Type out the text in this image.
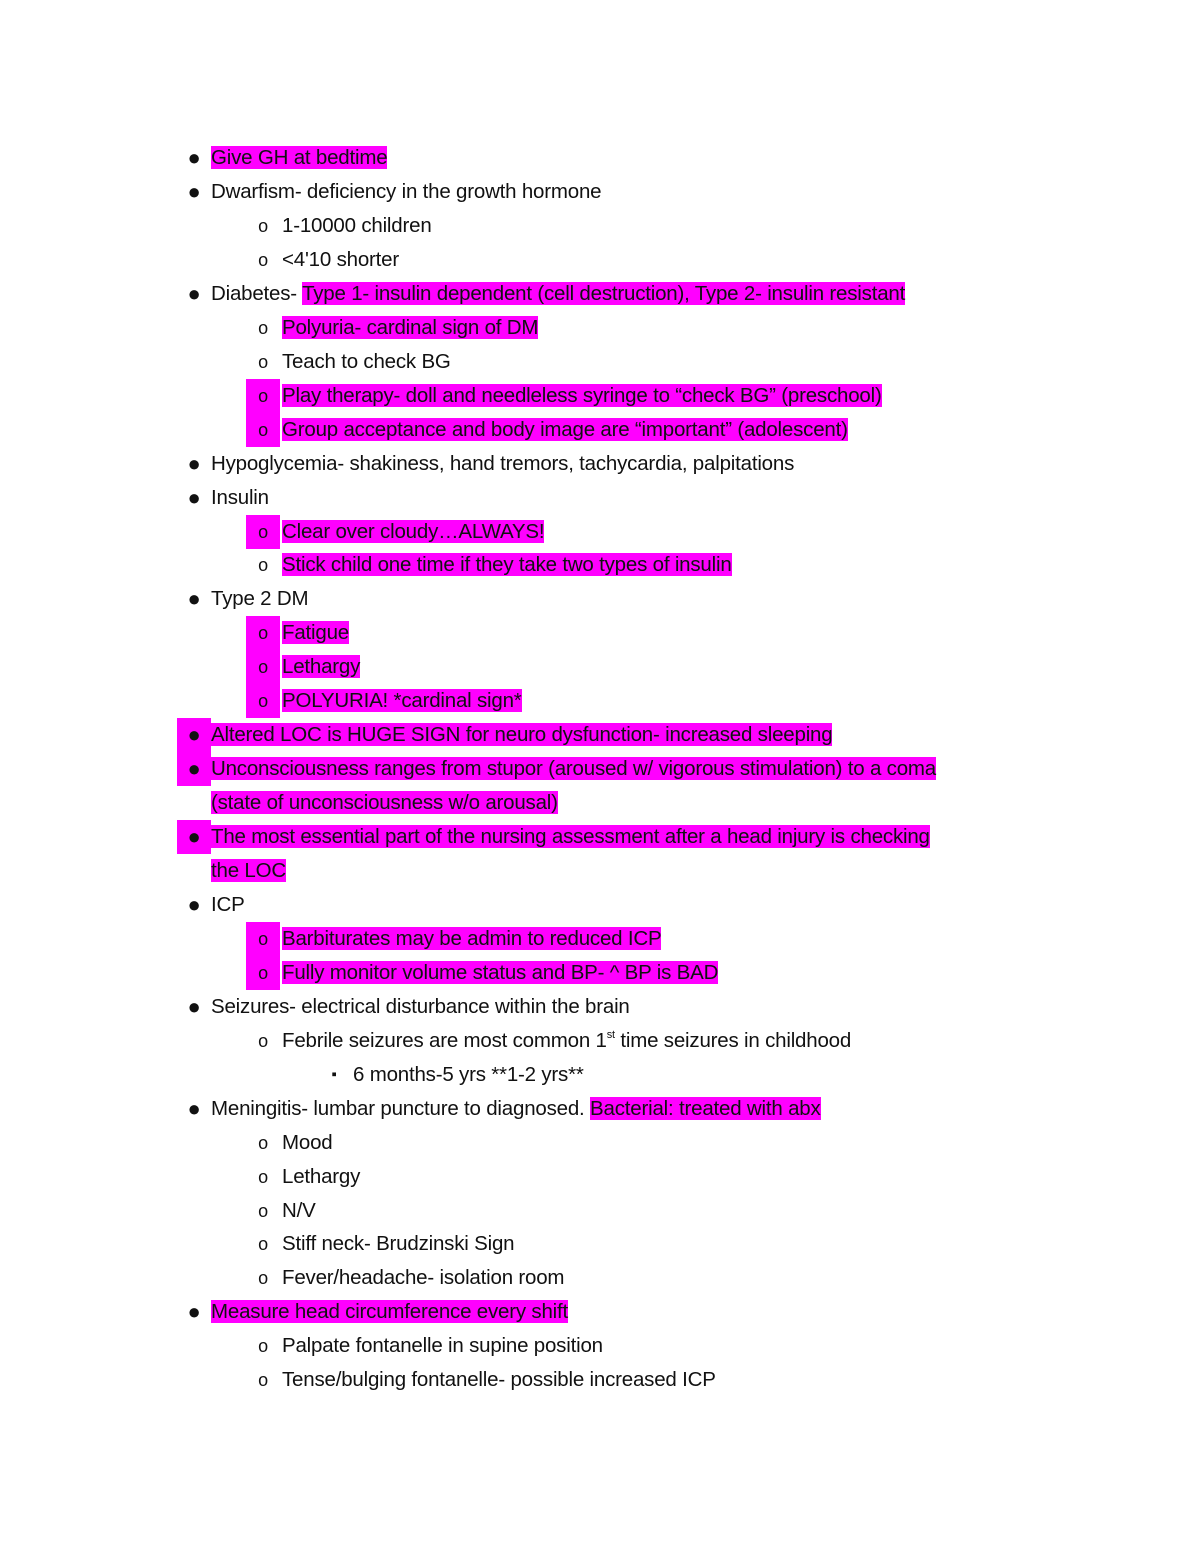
● Give GH at bedtime
● Dwarfism- deficiency in the growth hormone
o 1-10000 children
o <4'10 shorter
● Diabetes- Type 1- insulin dependent (cell destruction), Type 2- insulin resistant
o Polyuria- cardinal sign of DM
o Teach to check BG
o Play therapy- doll and needleless syringe to “check BG” (preschool)
o Group acceptance and body image are “important” (adolescent)
● Hypoglycemia- shakiness, hand tremors, tachycardia, palpitations
● Insulin
o Clear over cloudy…ALWAYS!
o Stick child one time if they take two types of insulin
● Type 2 DM
o Fatigue
o Lethargy
o POLYURIA! *cardinal sign*
● Altered LOC is HUGE SIGN for neuro dysfunction- increased sleeping
● Unconsciousness ranges from stupor (aroused w/ vigorous stimulation) to a coma
(state of unconsciousness w/o arousal)
● The most essential part of the nursing assessment after a head injury is checking
the LOC
● ICP
o Barbiturates may be admin to reduced ICP
o Fully monitor volume status and BP- ^ BP is BAD
● Seizures- electrical disturbance within the brain
o Febrile seizures are most common 1st time seizures in childhood
▪ 6 months-5 yrs **1-2 yrs**
● Meningitis- lumbar puncture to diagnosed. Bacterial: treated with abx
o Mood
o Lethargy
o N/V
o Stiff neck- Brudzinski Sign
o Fever/headache- isolation room
● Measure head circumference every shift
o Palpate fontanelle in supine position
o Tense/bulging fontanelle- possible increased ICP
